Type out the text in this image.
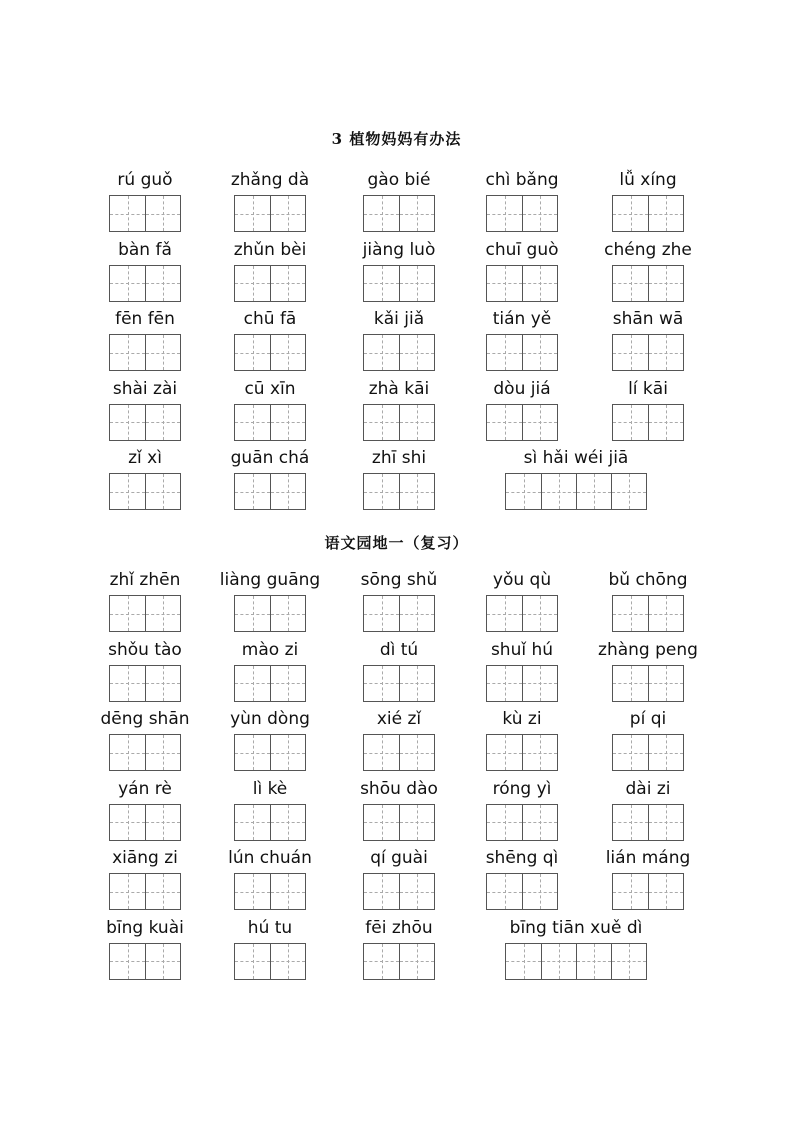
3 植物妈妈有办法
rú guǒ	zhǎng dà	gào bié	chì bǎng	lǚ xíng
bàn fǎ	zhǔn bèi	jiàng luò	chuī guò	chéng zhe
fēn fēn	chū fā	kǎi jiǎ	tián yě	shān wā
shài zài	cū xīn	zhà kāi	dòu jiá	lí kāi
zǐ xì	guān chá	zhī shi	sì hǎi wéi jiā
语文园地一（复习）
zhǐ zhēn	liàng guāng	sōng shǔ	yǒu qù	bǔ chōng
shǒu tào	mào zi	dì tú	shuǐ hú	zhàng peng
dēng shān	yùn dòng	xié zǐ	kù zi	pí qi
yán rè	lì kè	shōu dào	róng yì	dài zi
xiāng zi	lún chuán	qí guài	shēng qì	lián máng
bīng kuài	hú tu	fēi zhōu	bīng tiān xuě dì
